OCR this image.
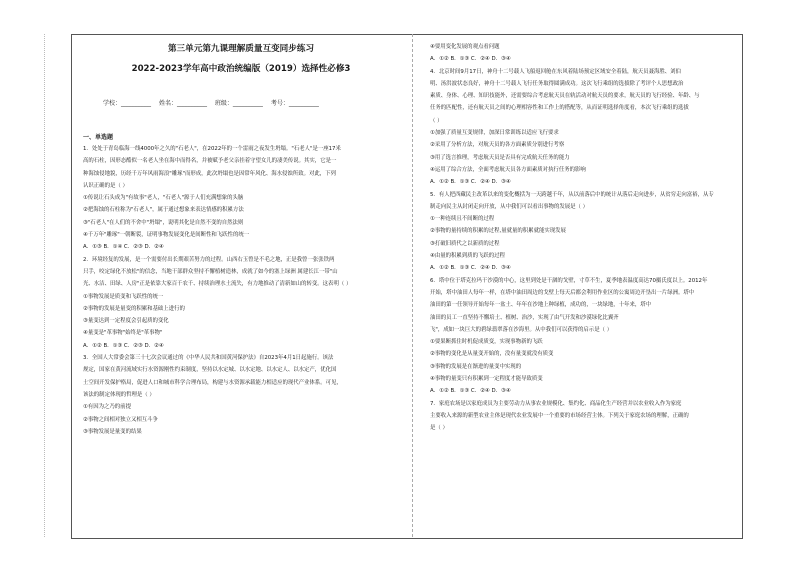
第三单元第九课理解质量互变同步练习
2022-2023学年高中政治统编版（2019）选择性必修3
学校：__________ 姓名：__________ 班级：__________ 考号：__________
一、单选题
1．处处于青岛临海一线4000年之久的"石老人"，在2022年的一个雷雨之夜发生坍塌。"石老人"是一座17米
高的石柱，因形态酷似一名老人坐在海中而得名，并被赋予老父亲挂着守望女儿的凄美传说。其实，它是一
种海蚀侵地貌，历经千万年风雨海浪"雕琢"而形成，此次坍塌也是因常年风化、海水侵蚀所致。对此，下列
认识正确的是（ ）
①传说让石头成为"有故事"老人，"石老人"源于人们充满想象的头脑
②把海蚀的石柱称为"石老人"，属于通过想象来表达情感的积累方法
③"石老人"在人们的不舍中"坍塌"，说明其化是自然不变的自然法则
④千万年"雕琢"一朝断裂，证明事物发展变化是间断性和飞跃性的统一
A．①③ B．①④ C．②③ D．②④
2．环境经复的发展，是一个需要付出长期艰苦努力的过程。山西右玉曾是不毛之地，正是我曾一张张铁两
只手，咬定绿化不放松"的信念，当地干部群众坚持不懈植树造林，成就了如今的塞上绿洲 属建长江一带"山
光、水洁、田绿、人房"正是依靠大家百千农千、持续治理水土流失，有力地推动了清新如山的转变。这表明（ ）
①事物发展是质变和飞跃性的统一
②事物的发展是量变的积累和基础上进行的
③量变达到一定程度会引起质的变化
④量变是"革事物"始终是"革事物"
A．①② B．①③ C．②③ D．②④
3．全国人大常委会第三十七次会议通过的《中华人民共和国黄河保护法》自2023年4月1日起施行。该法
规定，国家在黄河流域实行水资源刚性约束制度，坚持以水定城、以水定地、以水定人、以水定产，优化国
土空间开发保护格局，促进人口和城市科学合理布局，构建与水资源承载能力相适应的现代产业体系。可见，
该法的制定体现的哲理是（ ）
①有因为之乃的前提
②事物之间相对独立又相互斗争
③事物发展是量变的结果
④要用变化发展的观点看问题
A．①② B．①③ C．②④ D．③④
4．北京时间9月17日，神舟十二号载人飞船返回舱在东风着陆场预定区域安全着陆，航天员聂海胜、刘伯
明、汤洪波状态良好，神舟十二号载人飞行任务取得圆满成功。这次飞行乘组的选拔除了考评个人思想政治
素质、身体、心理、知识技能外，还需要综合考虑航天员在轨活动对航天员的要求，航天员的飞行经验、年龄、与
任务的匹配性，还有航天员之间的心理相容性和工作上的搭配等，从而证明选择角度看，本次飞行乘组的选拔
（ ）
①加强了质量互变规律，加深日常训练以适应飞行要求
②采用了分析方法，对航天员的各方面素质分别进行考察
③用了选言推理，考虑航天员是否具有完成航天任务的能力
④运用了综合方法，全面考虑航天员各方面素质对执行任务的影响
A．①② B．①③ C．②④ D．③④
5．有人把西藏民主改革以来的变化概括为一天跨越千年，从以前落后中的统计从落后走向进步，从贫穷走向富裕，从专
制走向民主从封闭走向开放，从中我们可以看出事物的发展是（ ）
①一种连续且不间断的过程
②事物的量持续的积累的过程,量就量的积累就能实现发展
③打破旧质代之以新质的过程
④由量的积累到质的飞跃的过程
A．①② B．①③ C．②④ D．③④
6．塔中位于塔克拉玛干沙漠的中心，这里到处是干涸的戈壁，寸草不生，夏季地表温度高达70摄氏度以上。2012年
开始，塔中油田人每年一样，在塔中油田周边的戈壁上每天后都会利用作业区的公寓周边开垦出一片绿洲。塔中
油田的第一任领导开始每年一盆土、年年在沙地上种绿植，成功的，一块绿地，十年来，塔中
油田的员工一直坚持不懈培土、植树、治沙，实现了由气开发和沙漠绿化比翼齐
飞"，成如一块巨大的碧绿翡翠落在沙海里。从中我们可以获得的启示是（ ）
①要果断抓住时机促成质变，实现事物新的飞跃
②事物的变化是从量变开始的，没有量变就没有质变
③事物的发展是在渐进的量变中实现的
④事物的量变只有积累到一定程度才能导致质变
A．①② B．①③ C．②④ D．③④
7．家庭农场是以家庭成员为主要劳动力从事农业规模化、集约化、商品化生产经营并以农业收入作为家庭
主要收入来源的新型农业主体是现代农业发展中一个重要的市场经营主体。下列关于家庭农场的理解，正确的
是（ ）
